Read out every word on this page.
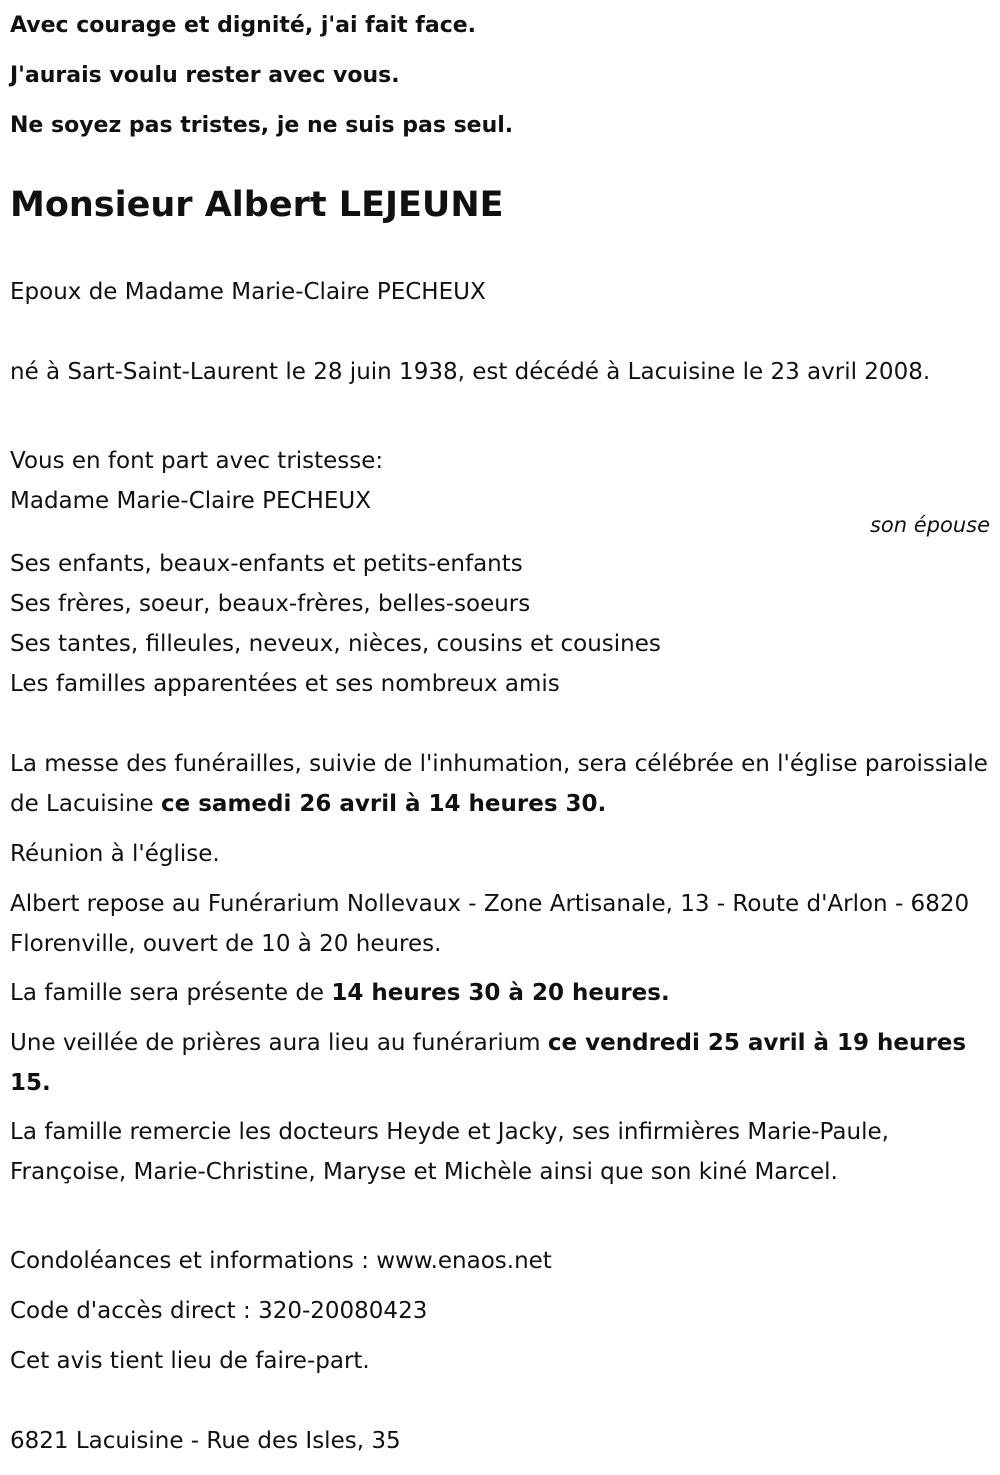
Avec courage et dignité, j'ai fait face.

J'aurais voulu rester avec vous.

Ne soyez pas tristes, je ne suis pas seul.

Monsieur Albert LEJEUNE

Epoux de Madame Marie-Claire PECHEUX

né à Sart-Saint-Laurent le 28 juin 1938, est décédé à Lacuisine le 23 avril 2008.

Vous en font part avec tristesse:

Madame Marie-Claire PECHEUX

son épouse

Ses enfants, beaux-enfants et petits-enfants

Ses frères, soeur, beaux-frères, belles-soeurs

Ses tantes, filleules, neveux, nièces, cousins et cousines

Les familles apparentées et ses nombreux amis

La messe des funérailles, suivie de l'inhumation, sera célébrée en l'église paroissiale de Lacuisine ce samedi 26 avril à 14 heures 30.

Réunion à l'église.

Albert repose au Funérarium Nollevaux - Zone Artisanale, 13 - Route d'Arlon - 6820 Florenville, ouvert de 10 à 20 heures.

La famille sera présente de 14 heures 30 à 20 heures.

Une veillée de prières aura lieu au funérarium ce vendredi 25 avril à 19 heures 15.

La famille remercie les docteurs Heyde et Jacky, ses infirmières Marie-Paule, Françoise, Marie-Christine, Maryse et Michèle ainsi que son kiné Marcel.

Condoléances et informations : www.enaos.net

Code d'accès direct : 320-20080423

Cet avis tient lieu de faire-part.

6821 Lacuisine - Rue des Isles, 35
